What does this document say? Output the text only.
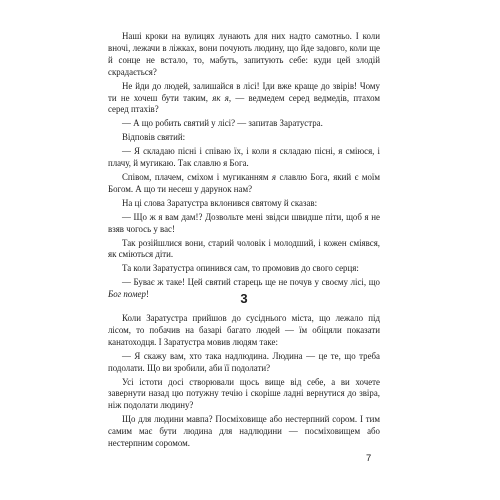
Наші кроки на вулицях лунають для них надто самотньо. І коли вночі, лежачи в ліжках, вони почують людину, що йде задовго, коли ще й сонце не встало, то, мабуть, запитують себе: куди цей злодій скрадається?

Не йди до людей, залишайся в лісі! Іди вже краще до звірів! Чому ти не хочеш бути таким, як я, — ведмедем серед ведмедів, птахом серед птахів?

— А що робить святий у лісі? — запитав Заратустра.

Відповів святий:

— Я складаю пісні і співаю їх, і коли я складаю пісні, я сміюся, і плачу, й мугикаю. Так славлю я Бога.

Співом, плачем, сміхом і мугиканням я славлю Бога, який є моїм Богом. А що ти несеш у дарунок нам?

На ці слова Заратустра вклонився святому й сказав:

— Що ж я вам дам!? Дозвольте мені звідси швидше піти, щоб я не взяв чогось у вас!

Так розійшлися вони, старий чоловік і молодший, і кожен сміявся, як сміються діти.

Та коли Заратустра опинився сам, то промовив до свого серця:

— Буває ж таке! Цей святий старець ще не почув у своєму лісі, що Бог помер!	3

Коли Заратустра прийшов до сусіднього міста, що лежало під лісом, то побачив на базарі багато людей — їм обіцяли показати канатоходця. І Заратустра мовив людям таке:

— Я скажу вам, хто така надлюдина. Людина — це те, що треба подолати. Що ви зробили, аби її подолати?

Усі істоти досі створювали щось вище від себе, а ви хочете завернути назад цю потужну течію і скоріше ладні вернутися до звіра, ніж подолати людину?

Що для людини мавпа? Посміховище або нестерпний сором. І тим самим має бути людина для надлюдини — посміховищем або нестерпним соромом.

7
